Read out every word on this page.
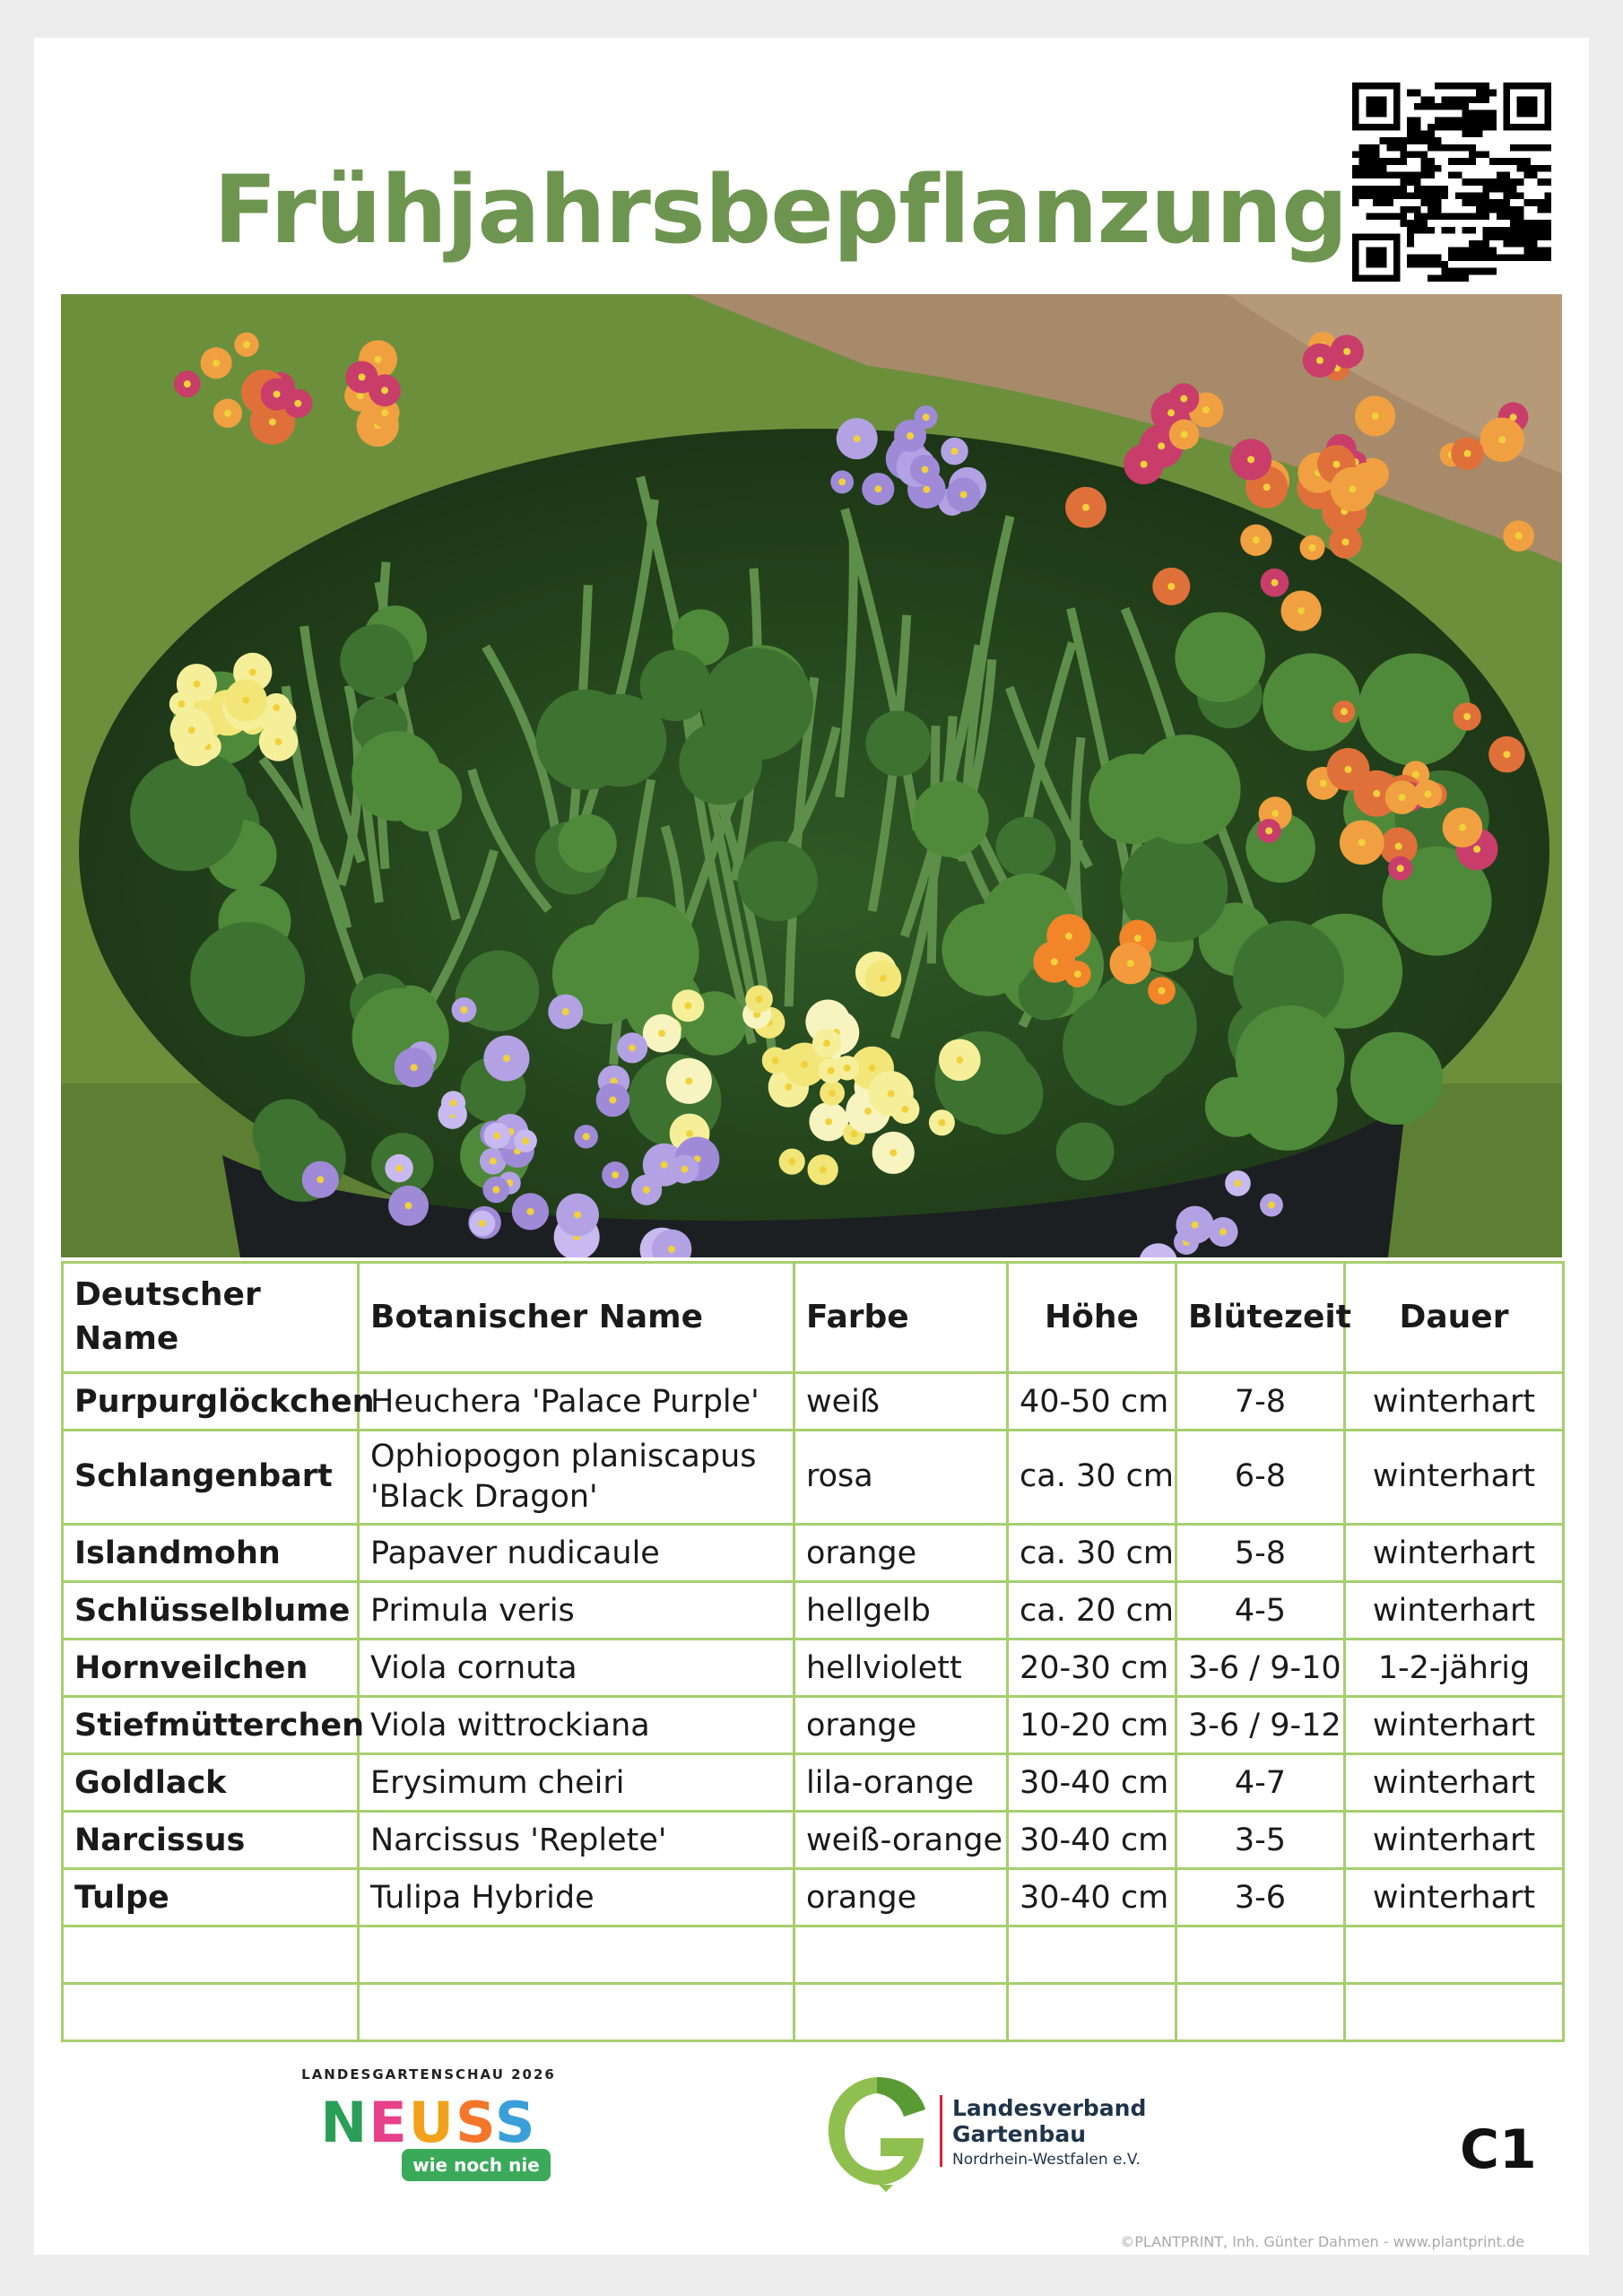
Frühjahrsbepflanzung
Deutscher Name	Botanischer Name	Farbe	Höhe	Blütezeit	Dauer
Purpurglöckchen	Heuchera 'Palace Purple'	weiß	40-50 cm	7-8	winterhart
Schlangenbart	Ophiopogon planiscapus 'Black Dragon'	rosa	ca. 30 cm	6-8	winterhart
Islandmohn	Papaver nudicaule	orange	ca. 30 cm	5-8	winterhart
Schlüsselblume	Primula veris	hellgelb	ca. 20 cm	4-5	winterhart
Hornveilchen	Viola cornuta	hellviolett	20-30 cm	3-6 / 9-10	1-2-jährig
Stiefmütterchen	Viola wittrockiana	orange	10-20 cm	3-6 / 9-12	winterhart
Goldlack	Erysimum cheiri	lila-orange	30-40 cm	4-7	winterhart
Narcissus	Narcissus 'Replete'	weiß-orange	30-40 cm	3-5	winterhart
Tulpe	Tulipa Hybride	orange	30-40 cm	3-6	winterhart

LANDESGARTENSCHAU 2026
NEUSS
wie noch nie
Landesverband Gartenbau
Nordrhein-Westfalen e.V.	C1
©PLANTPRINT, Inh. Günter Dahmen - www.plantprint.de
